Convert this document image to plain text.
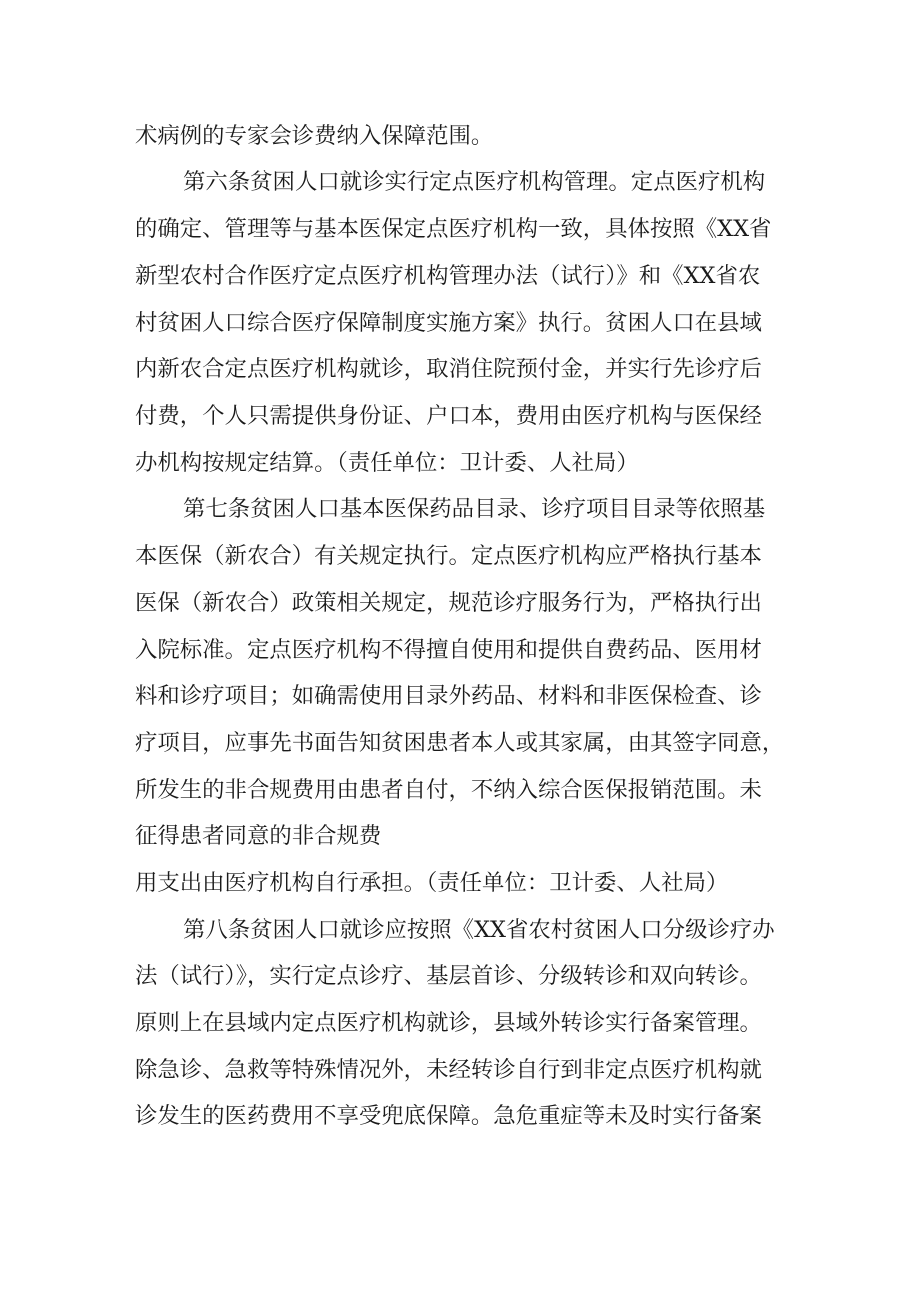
术病例的专家会诊费纳入保障范围。
第六条贫困人口就诊实行定点医疗机构管理。定点医疗机构
的确定、管理等与基本医保定点医疗机构一致，具体按照《XX省
新型农村合作医疗定点医疗机构管理办法（试行）》和《XX省农
村贫困人口综合医疗保障制度实施方案》执行。贫困人口在县域
内新农合定点医疗机构就诊，取消住院预付金，并实行先诊疗后
付费，个人只需提供身份证、户口本，费用由医疗机构与医保经
办机构按规定结算。（责任单位：卫计委、人社局）
第七条贫困人口基本医保药品目录、诊疗项目目录等依照基
本医保（新农合）有关规定执行。定点医疗机构应严格执行基本
医保（新农合）政策相关规定，规范诊疗服务行为，严格执行出
入院标准。定点医疗机构不得擅自使用和提供自费药品、医用材
料和诊疗项目；如确需使用目录外药品、材料和非医保检查、诊
疗项目，应事先书面告知贫困患者本人或其家属，由其签字同意，
所发生的非合规费用由患者自付，不纳入综合医保报销范围。未
征得患者同意的非合规费
用支出由医疗机构自行承担。（责任单位：卫计委、人社局）
第八条贫困人口就诊应按照《XX省农村贫困人口分级诊疗办
法（试行）》，实行定点诊疗、基层首诊、分级转诊和双向转诊。
原则上在县域内定点医疗机构就诊，县域外转诊实行备案管理。
除急诊、急救等特殊情况外，未经转诊自行到非定点医疗机构就
诊发生的医药费用不享受兜底保障。急危重症等未及时实行备案
